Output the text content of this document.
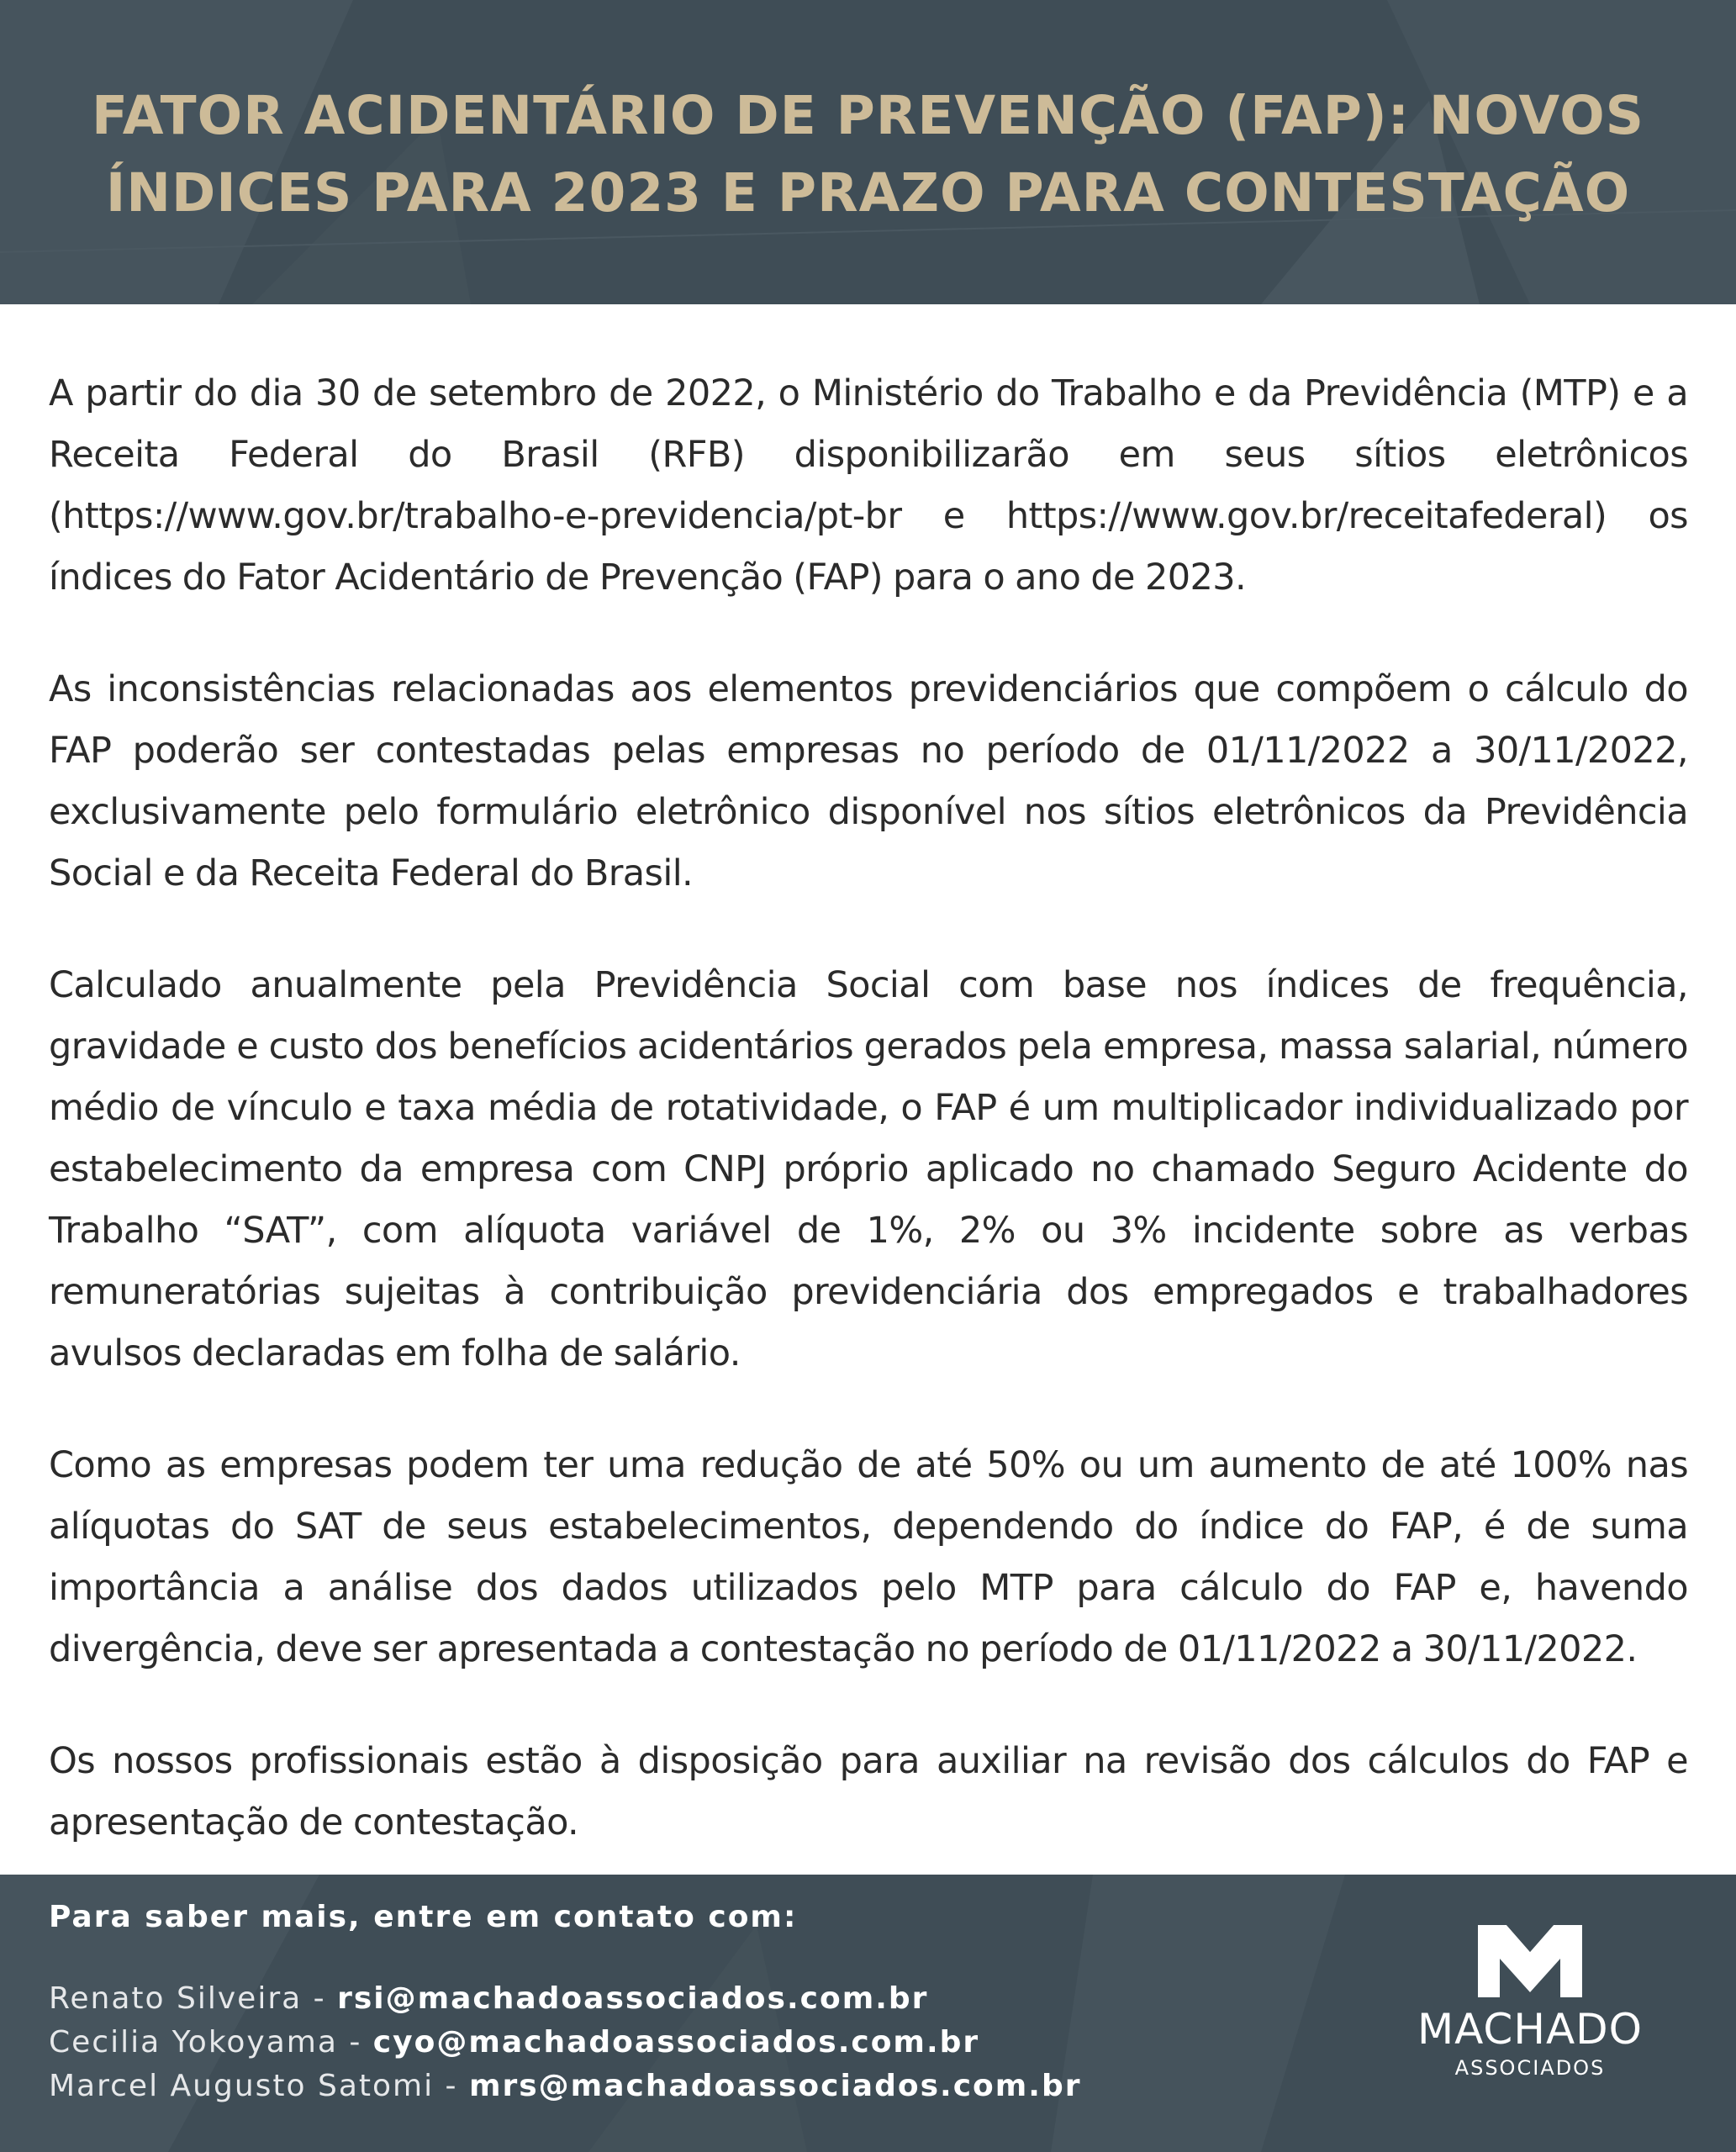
FATOR ACIDENTÁRIO DE PREVENÇÃO (FAP): NOVOS
ÍNDICES PARA 2023 E PRAZO PARA CONTESTAÇÃO

A partir do dia 30 de setembro de 2022, o Ministério do Trabalho e da Previdência (MTP) e a Receita Federal do Brasil (RFB) disponibilizarão em seus sítios eletrônicos (https://www.gov.br/trabalho-e-previdencia/pt-br e https://www.gov.br/receitafederal) os índices do Fator Acidentário de Prevenção (FAP) para o ano de 2023.

As inconsistências relacionadas aos elementos previdenciários que compõem o cálculo do FAP poderão ser contestadas pelas empresas no período de 01/11/2022 a 30/11/2022, exclusivamente pelo formulário eletrônico disponível nos sítios eletrônicos da Previdência Social e da Receita Federal do Brasil.

Calculado anualmente pela Previdência Social com base nos índices de frequência, gravidade e custo dos benefícios acidentários gerados pela empresa, massa salarial, número médio de vínculo e taxa média de rotatividade, o FAP é um multiplicador individualizado por estabelecimento da empresa com CNPJ próprio aplicado no chamado Seguro Acidente do Trabalho “SAT”, com alíquota variável de 1%, 2% ou 3% incidente sobre as verbas remuneratórias sujeitas à contribuição previdenciária dos empregados e trabalhadores avulsos declaradas em folha de salário.

Como as empresas podem ter uma redução de até 50% ou um aumento de até 100% nas alíquotas do SAT de seus estabelecimentos, dependendo do índice do FAP, é de suma importância a análise dos dados utilizados pelo MTP para cálculo do FAP e, havendo divergência, deve ser apresentada a contestação no período de 01/11/2022 a 30/11/2022.

Os nossos profissionais estão à disposição para auxiliar na revisão dos cálculos do FAP e apresentação de contestação.

Para saber mais, entre em contato com:

Renato Silveira - rsi@machadoassociados.com.br
Cecilia Yokoyama - cyo@machadoassociados.com.br
Marcel Augusto Satomi - mrs@machadoassociados.com.br
MACHADO
ASSOCIADOS
